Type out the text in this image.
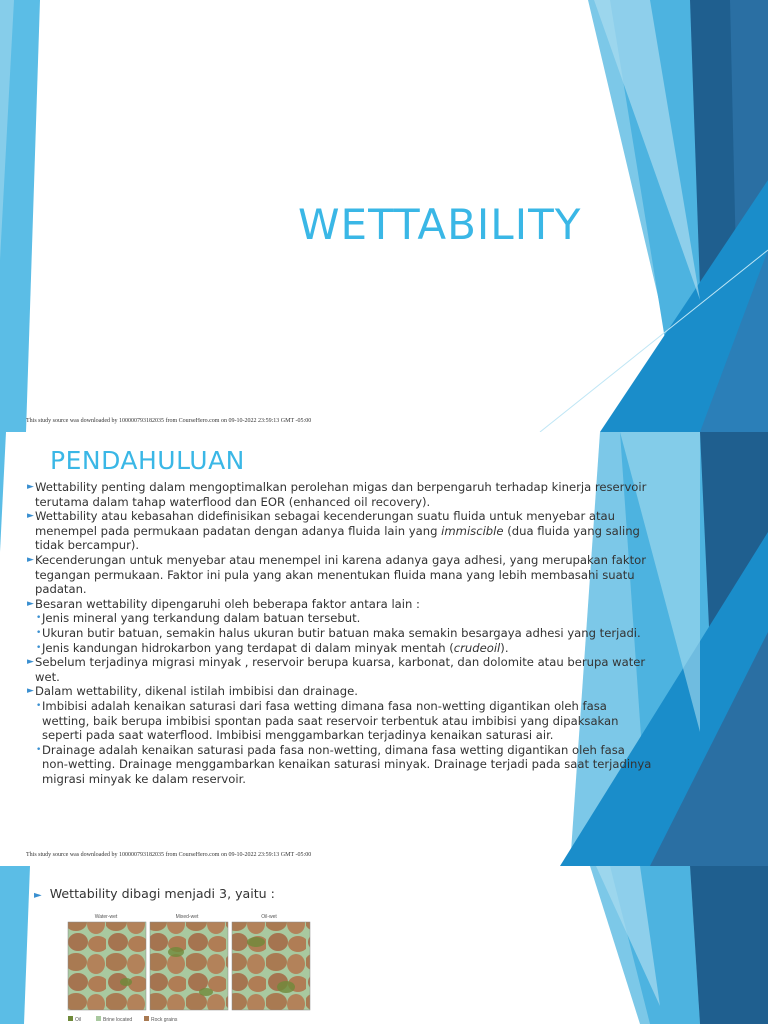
WETTABILITY
This study source was downloaded by 100000793182035 from CourseHero.com on 09-10-2022 23:59:13 GMT -05:00
PENDAHULUAN

► Wettability penting dalam mengoptimalkan perolehan migas dan berpengaruh terhadap kinerja reservoir terutama dalam tahap waterflood dan EOR (enhanced oil recovery).

► Wettability atau kebasahan didefinisikan sebagai kecenderungan suatu fluida untuk menyebar atau menempel pada permukaan padatan dengan adanya fluida lain yang immiscible (dua fluida yang saling tidak bercampur).

► Kecenderungan untuk menyebar atau menempel ini karena adanya gaya adhesi, yang merupakan faktor tegangan permukaan. Faktor ini pula yang akan menentukan fluida mana yang lebih membasahi suatu padatan.

► Besaran wettability dipengaruhi oleh beberapa faktor antara lain :

• Jenis mineral yang terkandung dalam batuan tersebut.

• Ukuran butir batuan, semakin halus ukuran butir batuan maka semakin besargaya adhesi yang terjadi.

• Jenis kandungan hidrokarbon yang terdapat di dalam minyak mentah (crudeoil).

► Sebelum terjadinya migrasi minyak , reservoir berupa kuarsa, karbonat, dan dolomite atau berupa water wet.

► Dalam wettability, dikenal istilah imbibisi dan drainage.

• Imbibisi adalah kenaikan saturasi dari fasa wetting dimana fasa non-wetting digantikan oleh fasa wetting, baik berupa imbibisi spontan pada saat reservoir terbentuk atau imbibisi yang dipaksakan seperti pada saat waterflood. Imbibisi menggambarkan terjadinya kenaikan saturasi air.

• Drainage adalah kenaikan saturasi pada fasa non-wetting, dimana fasa wetting digantikan oleh fasa non-wetting. Drainage menggambarkan kenaikan saturasi minyak. Drainage terjadi pada saat terjadinya migrasi minyak ke dalam reservoir.

This study source was downloaded by 100000793182035 from CourseHero.com on 09-10-2022 23:59:13 GMT -05:00
► Wettability dibagi menjadi 3, yaitu :
Water-wet	Mixed-wet	Oil-wet
Oil	Brine located	Rock grains
